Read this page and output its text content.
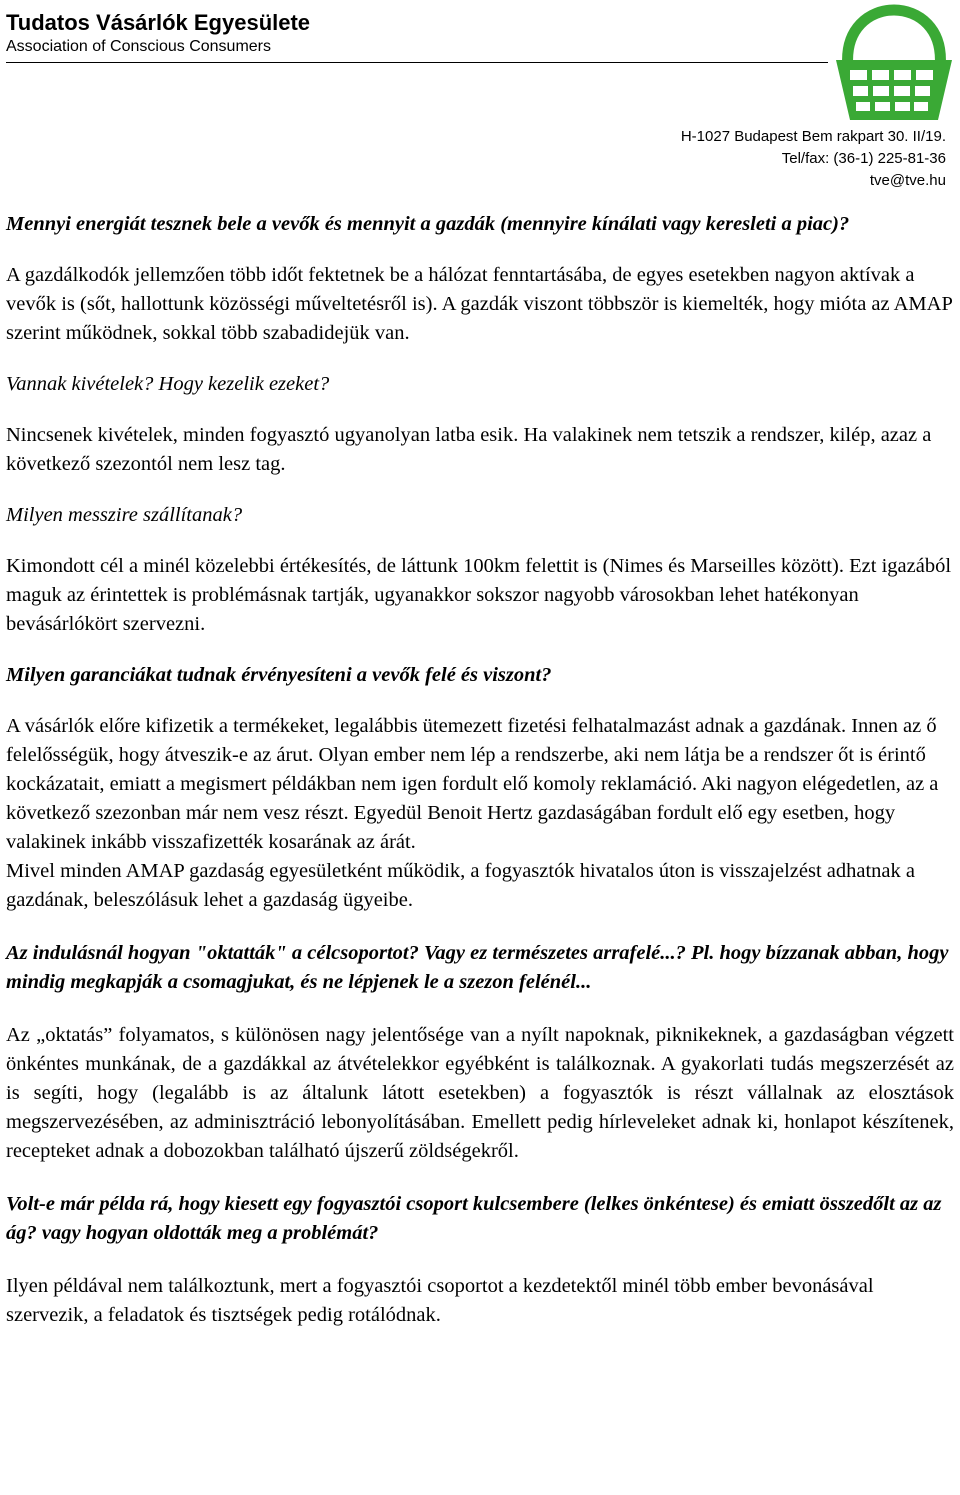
Tudatos Vásárlók Egyesülete
Association of Conscious Consumers
H-1027 Budapest Bem rakpart 30. II/19.
Tel/fax: (36-1) 225-81-36
tve@tve.hu

Mennyi energiát tesznek bele a vevők és mennyit a gazdák (mennyire kínálati vagy keresleti a piac)?

A gazdálkodók jellemzően több időt fektetnek be a hálózat fenntartásába, de egyes esetekben nagyon aktívak a vevők is (sőt, hallottunk közösségi műveltetésről is). A gazdák viszont többször is kiemelték, hogy mióta az AMAP szerint működnek, sokkal több szabadidejük van.

Vannak kivételek? Hogy kezelik ezeket?

Nincsenek kivételek, minden fogyasztó ugyanolyan latba esik. Ha valakinek nem tetszik a rendszer, kilép, azaz a következő szezontól nem lesz tag.

Milyen messzire szállítanak?

Kimondott cél a minél közelebbi értékesítés, de láttunk 100km felettit is (Nimes és Marseilles között). Ezt igazából maguk az érintettek is problémásnak tartják, ugyanakkor sokszor nagyobb városokban lehet hatékonyan bevásárlókört szervezni.

Milyen garanciákat tudnak érvényesíteni a vevők felé és viszont?

A vásárlók előre kifizetik a termékeket, legalábbis ütemezett fizetési felhatalmazást adnak a gazdának. Innen az ő felelősségük, hogy átveszik-e az árut. Olyan ember nem lép a rendszerbe, aki nem látja be a rendszer őt is érintő kockázatait, emiatt a megismert példákban nem igen fordult elő komoly reklamáció. Aki nagyon elégedetlen, az a következő szezonban már nem vesz részt. Egyedül Benoit Hertz gazdaságában fordult elő egy esetben, hogy valakinek inkább visszafizették kosarának az árát.

Mivel minden AMAP gazdaság egyesületként működik, a fogyasztók hivatalos úton is visszajelzést adhatnak a gazdának, beleszólásuk lehet a gazdaság ügyeibe.

Az indulásnál hogyan "oktatták" a célcsoportot? Vagy ez természetes arrafelé...? Pl. hogy bízzanak abban, hogy mindig megkapják a csomagjukat, és ne lépjenek le a szezon felénél...

Az „oktatás” folyamatos, s különösen nagy jelentősége van a nyílt napoknak, piknikeknek, a gazdaságban végzett önkéntes munkának, de a gazdákkal az átvételekkor egyébként is találkoznak. A gyakorlati tudás megszerzését az is segíti, hogy (legalább is az általunk látott esetekben) a fogyasztók is részt vállalnak az elosztások megszervezésében, az adminisztráció lebonyolításában. Emellett pedig hírleveleket adnak ki, honlapot készítenek, recepteket adnak a dobozokban található újszerű zöldségekről.

Volt-e már példa rá, hogy kiesett egy fogyasztói csoport kulcsembere (lelkes önkéntese) és emiatt összedőlt az az ág? vagy hogyan oldották meg a problémát?

Ilyen példával nem találkoztunk, mert a fogyasztói csoportot a kezdetektől minél több ember bevonásával szervezik, a feladatok és tisztségek pedig rotálódnak.
